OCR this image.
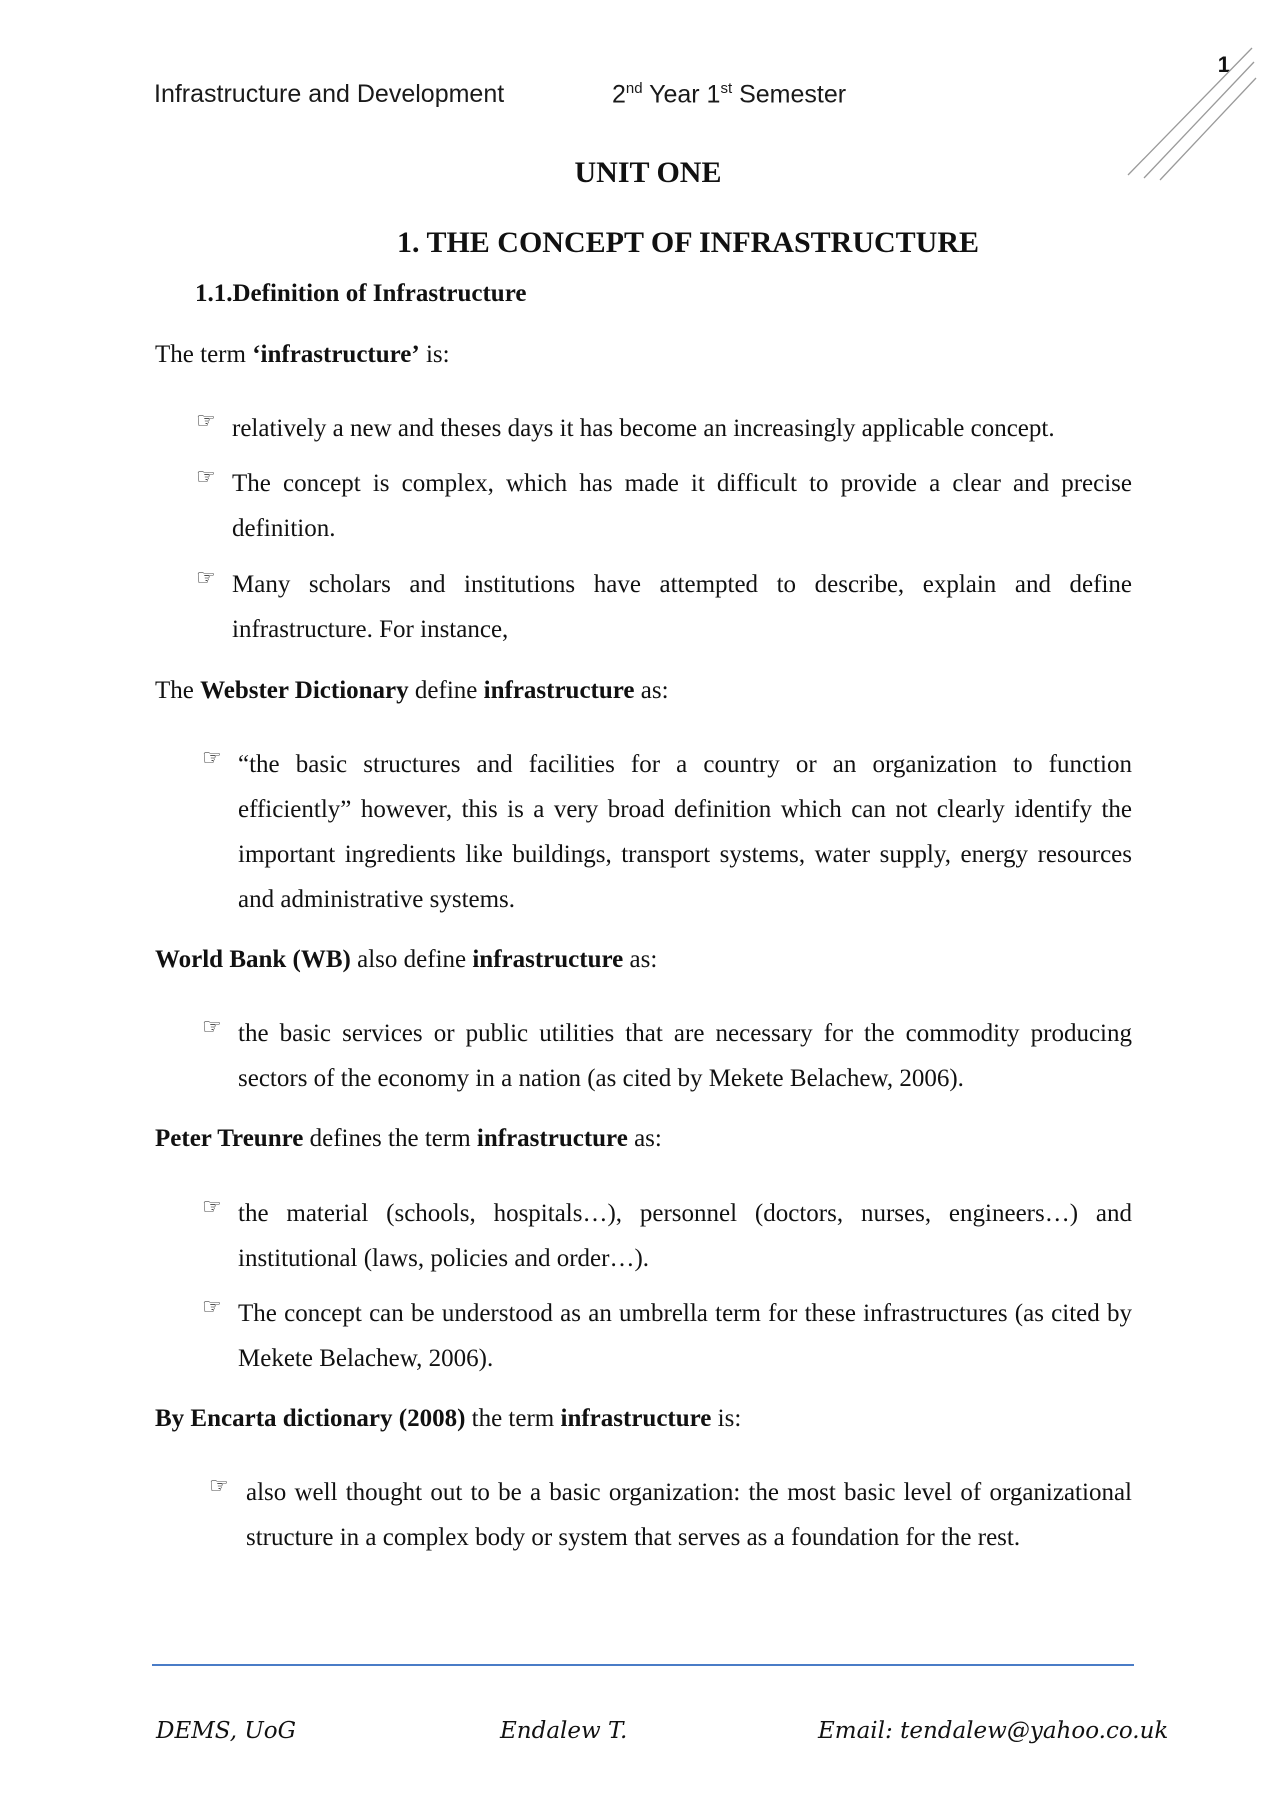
Infrastructure and Development	2nd Year 1st Semester
1
UNIT ONE
1. THE CONCEPT OF INFRASTRUCTURE
1.1.Definition of Infrastructure
The term ‘infrastructure’ is:
☞ relatively a new and theses days it has become an increasingly applicable concept.
☞ The concept is complex, which has made it difficult to provide a clear and precise definition.
☞ Many scholars and institutions have attempted to describe, explain and define infrastructure. For instance,
The Webster Dictionary define infrastructure as:
☞ “the basic structures and facilities for a country or an organization to function efficiently” however, this is a very broad definition which can not clearly identify the important ingredients like buildings, transport systems, water supply, energy resources and administrative systems.
World Bank (WB) also define infrastructure as:
☞ the basic services or public utilities that are necessary for the commodity producing sectors of the economy in a nation (as cited by Mekete Belachew, 2006).
Peter Treunre defines the term infrastructure as:
☞ the material (schools, hospitals…), personnel (doctors, nurses, engineers…) and institutional (laws, policies and order…).
☞ The concept can be understood as an umbrella term for these infrastructures (as cited by Mekete Belachew, 2006).
By Encarta dictionary (2008) the term infrastructure is:
☞ also well thought out to be a basic organization: the most basic level of organizational structure in a complex body or system that serves as a foundation for the rest.
DEMS, UoG	Endalew T.	Email: tendalew@yahoo.co.uk
